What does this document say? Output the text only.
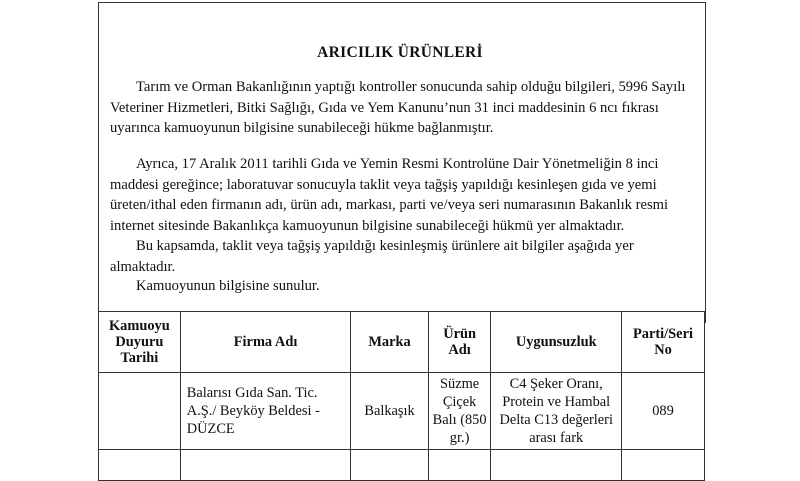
ARICILIK ÜRÜNLERİ

Tarım ve Orman Bakanlığının yaptığı kontroller sonucunda sahip olduğu bilgileri, 5996 Sayılı Veteriner Hizmetleri, Bitki Sağlığı, Gıda ve Yem Kanunu’nun 31 inci maddesinin 6 ncı fıkrası uyarınca kamuoyunun bilgisine sunabileceği hükme bağlanmıştır.

Ayrıca, 17 Aralık 2011 tarihli Gıda ve Yemin Resmi Kontrolüne Dair Yönetmeliğin 8 inci maddesi gereğince; laboratuvar sonucuyla taklit veya tağşiş yapıldığı kesinleşen gıda ve yemi üreten/ithal eden firmanın adı, ürün adı, markası, parti ve/veya seri numarasının Bakanlık resmi internet sitesinde Bakanlıkça kamuoyunun bilgisine sunabileceği hükmü yer almaktadır.

Bu kapsamda, taklit veya tağşiş yapıldığı kesinleşmiş ürünlere ait bilgiler aşağıda yer almaktadır.

Kamuoyunun bilgisine sunulur.

Kamuoyu Duyuru Tarihi	Firma Adı	Marka	Ürün Adı	Uygunsuzluk	Parti/Seri No
	Balarısı Gıda San. Tic. A.Ş./ Beyköy Beldesi - DÜZCE	Balkaşık	Süzme Çiçek Balı (850 gr.)	C4 Şeker Oranı, Protein ve Hambal Delta C13 değerleri arası fark	089
